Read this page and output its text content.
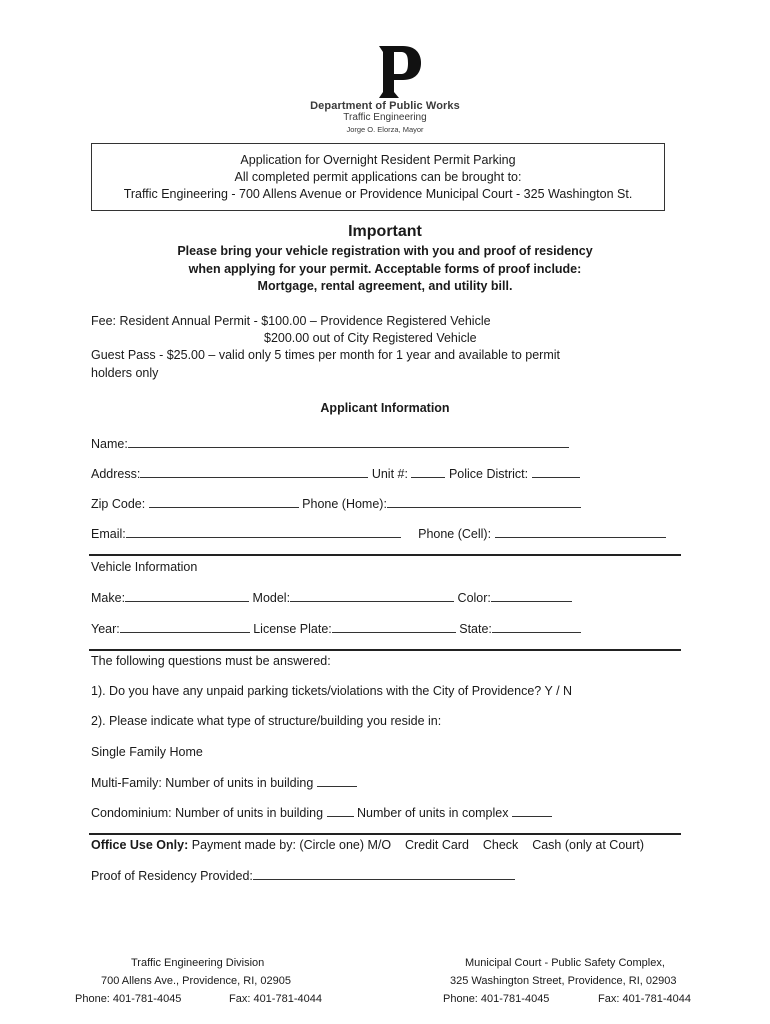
Department of Public Works
Traffic Engineering
Jorge O. Elorza, Mayor
Application for Overnight Resident Permit Parking
All completed permit applications can be brought to:
Traffic Engineering - 700 Allens Avenue or Providence Municipal Court - 325 Washington St.
Important
Please bring your vehicle registration with you and proof of residency
when applying for your permit. Acceptable forms of proof include:
Mortgage, rental agreement, and utility bill.
Fee: Resident Annual Permit - $100.00 – Providence Registered Vehicle
$200.00 out of City Registered Vehicle
Guest Pass - $25.00 – valid only 5 times per month for 1 year and available to permit
holders only
Applicant Information
Name:
Address:	Unit #:	Police District:
Zip Code:	Phone (Home):
Email:	Phone (Cell):
Vehicle Information
Make:	Model:	Color:
Year:	License Plate:	State:
The following questions must be answered:
1). Do you have any unpaid parking tickets/violations with the City of Providence? Y / N
2). Please indicate what type of structure/building you reside in:
Single Family Home
Multi-Family: Number of units in building
Condominium: Number of units in building	Number of units in complex
Office Use Only: Payment made by: (Circle one) M/O Credit Card Check Cash (only at Court)
Proof of Residency Provided:
Traffic Engineering Division
700 Allens Ave., Providence, RI, 02905
Phone: 401-781-4045	Fax: 401-781-4044
Municipal Court - Public Safety Complex,
325 Washington Street, Providence, RI, 02903
Phone: 401-781-4045	Fax: 401-781-4044
